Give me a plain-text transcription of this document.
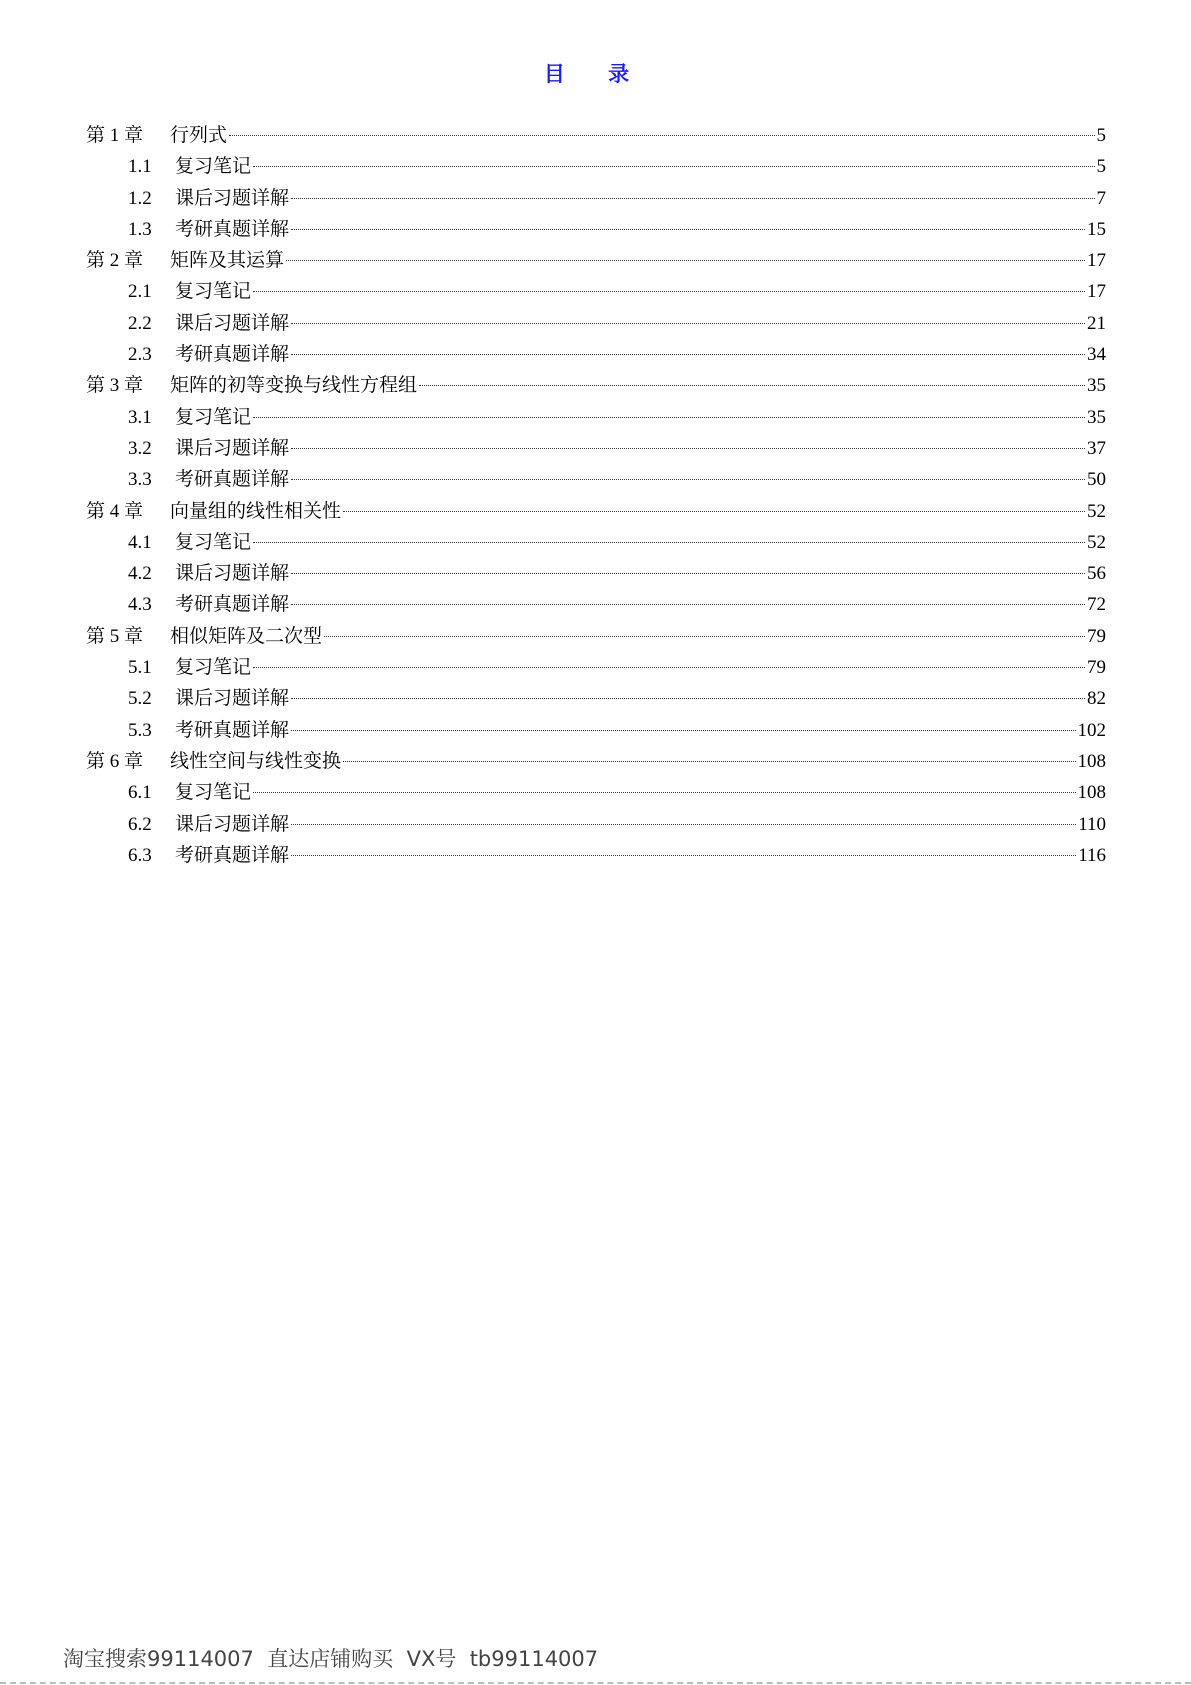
目 录
第 1 章	行列式	5
1.1	复习笔记	5
1.2	课后习题详解	7
1.3	考研真题详解	15
第 2 章	矩阵及其运算	17
2.1	复习笔记	17
2.2	课后习题详解	21
2.3	考研真题详解	34
第 3 章	矩阵的初等变换与线性方程组	35
3.1	复习笔记	35
3.2	课后习题详解	37
3.3	考研真题详解	50
第 4 章	向量组的线性相关性	52
4.1	复习笔记	52
4.2	课后习题详解	56
4.3	考研真题详解	72
第 5 章	相似矩阵及二次型	79
5.1	复习笔记	79
5.2	课后习题详解	82
5.3	考研真题详解	102
第 6 章	线性空间与线性变换	108
6.1	复习笔记	108
6.2	课后习题详解	110
6.3	考研真题详解	116
淘宝搜索99114007  直达店铺购买  VX号  tb99114007
